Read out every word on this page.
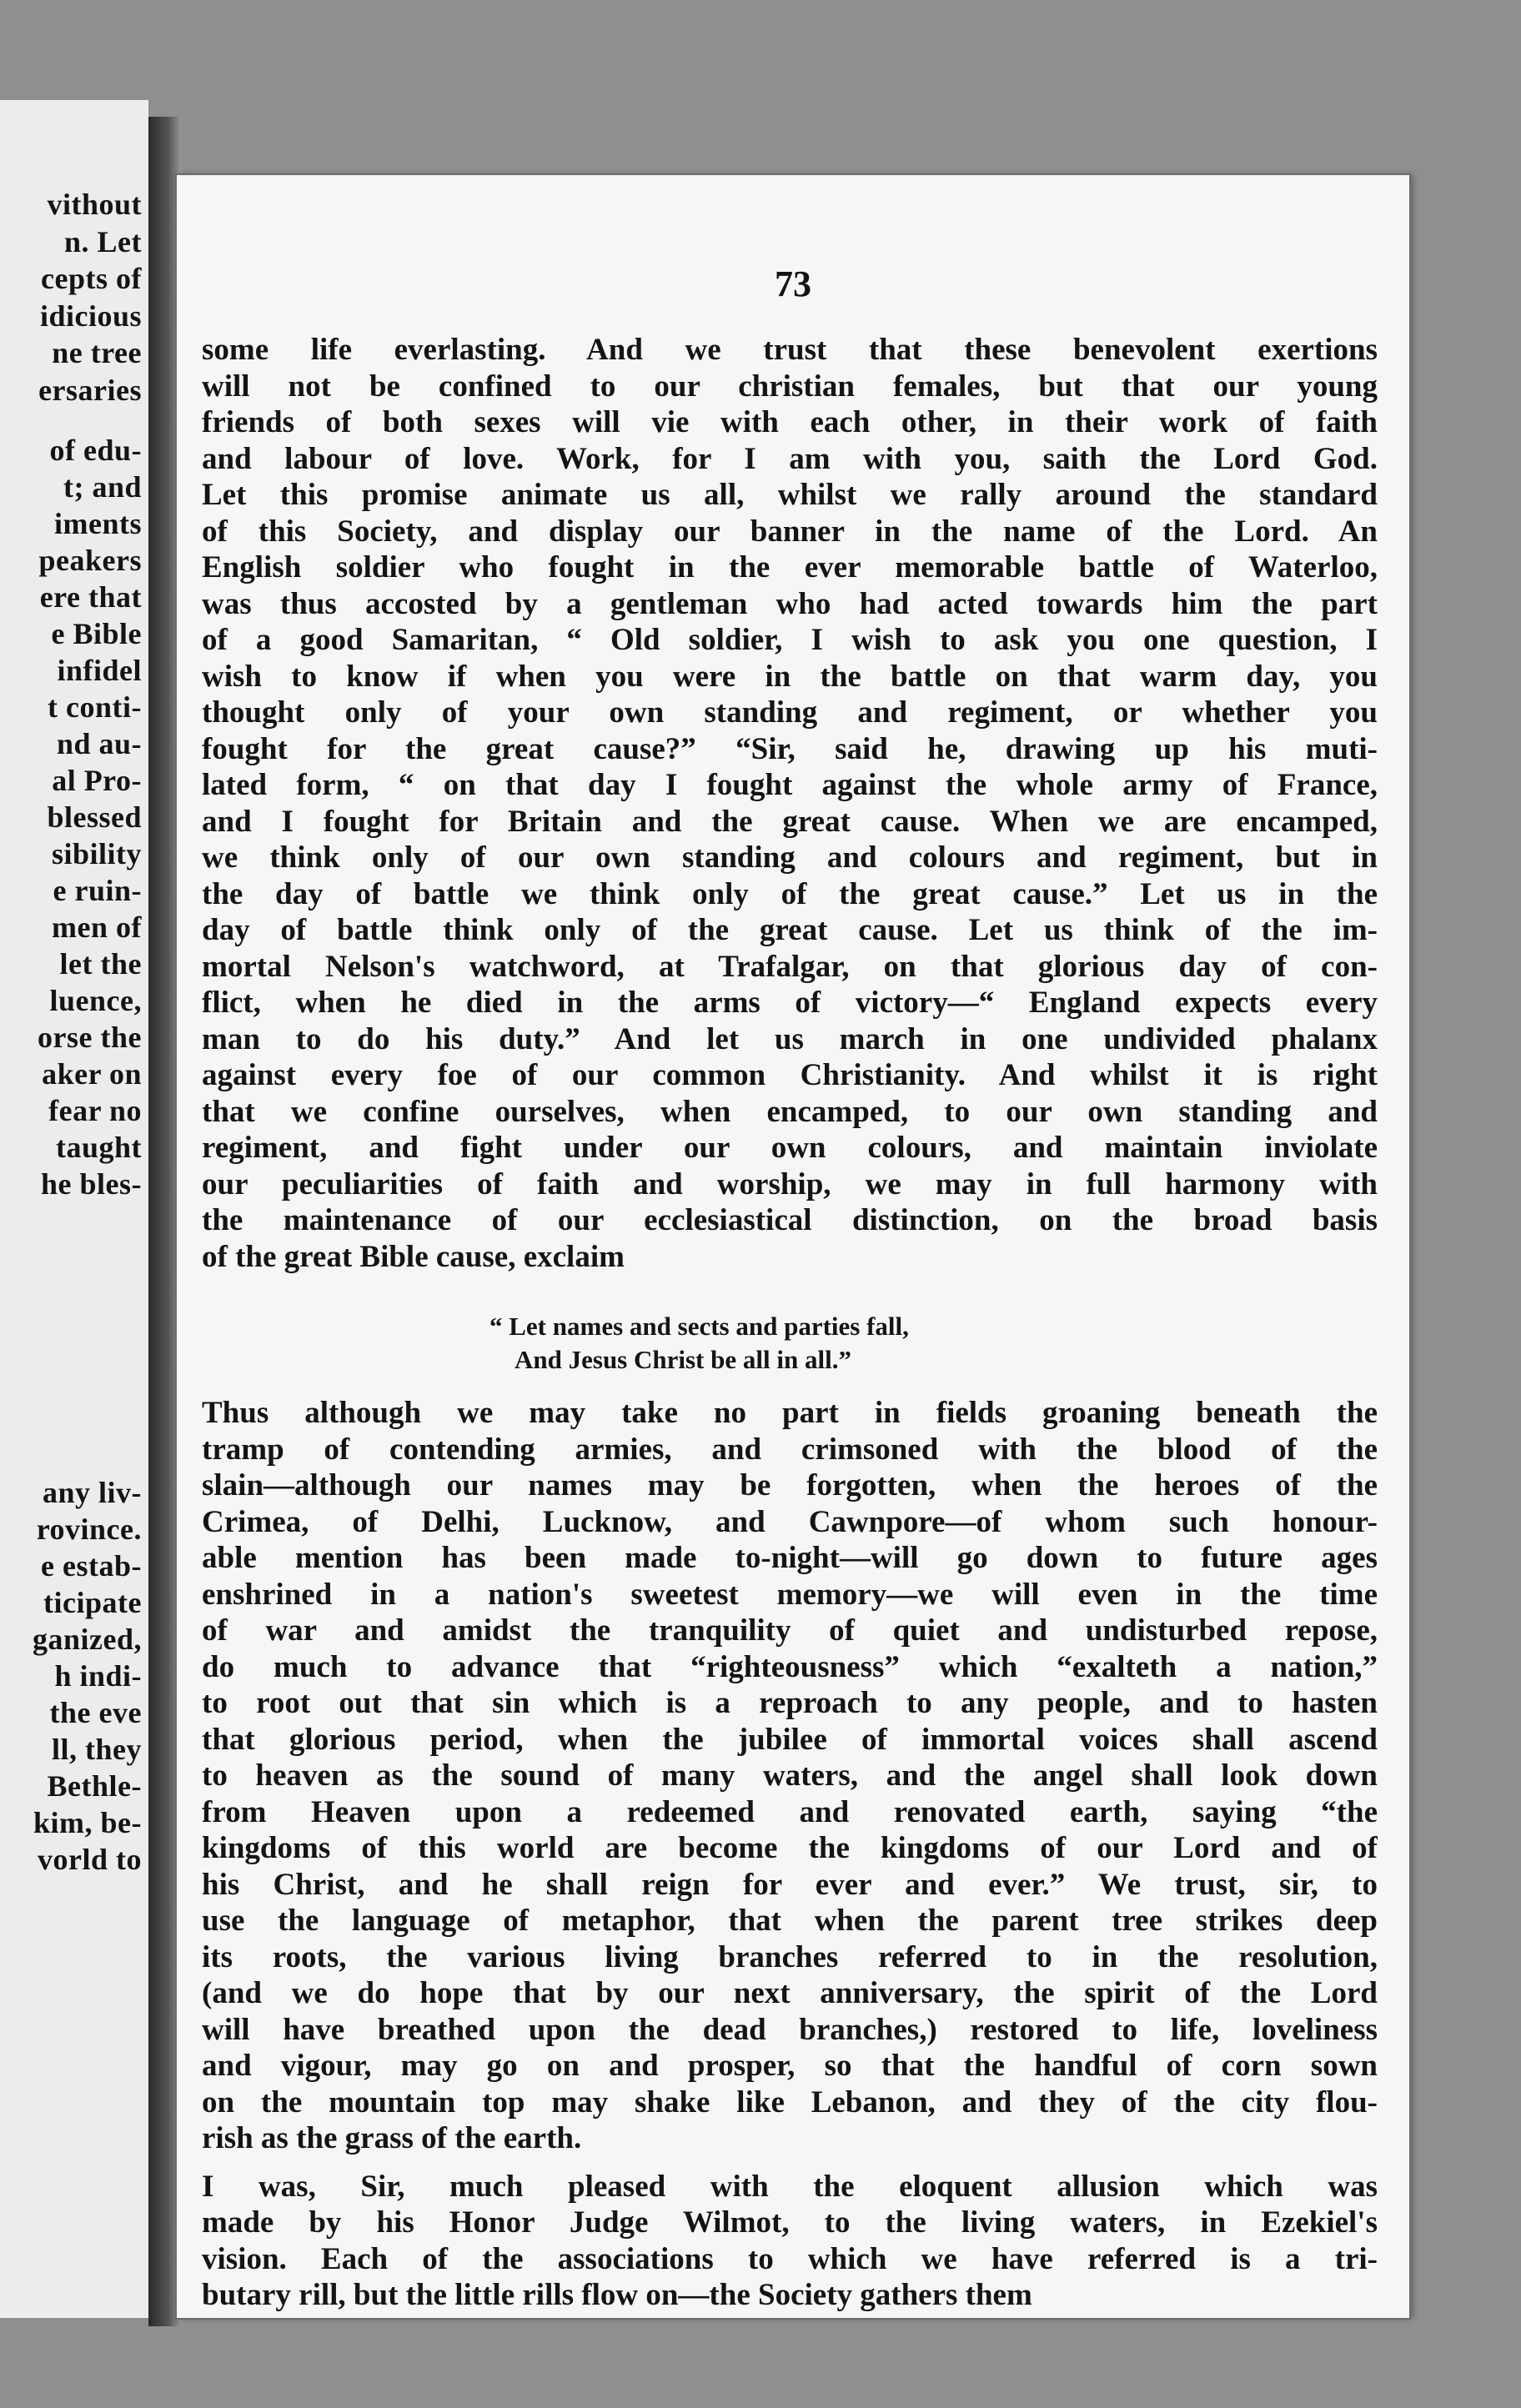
vithout
n. Let
cepts of
idicious
ne tree
ersaries
of edu-
t; and
iments
peakers
ere that
e Bible
infidel
t conti-
nd au-
al Pro-
blessed
sibility
e ruin-
men of
let the
luence,
orse the
aker on
fear no
taught
he bles-
any liv-
rovince.
e estab-
ticipate
ganized,
h indi-
the eve
ll, they
Bethle-
kim, be-
vorld to
73
some life everlasting. And we trust that these benevolent exertions
will not be confined to our christian females, but that our young
friends of both sexes will vie with each other, in their work of faith
and labour of love. Work, for I am with you, saith the Lord God.
Let this promise animate us all, whilst we rally around the standard
of this Society, and display our banner in the name of the Lord. An
English soldier who fought in the ever memorable battle of Waterloo,
was thus accosted by a gentleman who had acted towards him the part
of a good Samaritan, “ Old soldier, I wish to ask you one question, I
wish to know if when you were in the battle on that warm day, you
thought only of your own standing and regiment, or whether you
fought for the great cause?” “Sir, said he, drawing up his muti-
lated form, “ on that day I fought against the whole army of France,
and I fought for Britain and the great cause. When we are encamped,
we think only of our own standing and colours and regiment, but in
the day of battle we think only of the great cause.” Let us in the
day of battle think only of the great cause. Let us think of the im-
mortal Nelson's watchword, at Trafalgar, on that glorious day of con-
flict, when he died in the arms of victory—“ England expects every
man to do his duty.” And let us march in one undivided phalanx
against every foe of our common Christianity. And whilst it is right
that we confine ourselves, when encamped, to our own standing and
regiment, and fight under our own colours, and maintain inviolate
our peculiarities of faith and worship, we may in full harmony with
the maintenance of our ecclesiastical distinction, on the broad basis
of the great Bible cause, exclaim
“ Let names and sects and parties fall,
And Jesus Christ be all in all.”
Thus although we may take no part in fields groaning beneath the
tramp of contending armies, and crimsoned with the blood of the
slain—although our names may be forgotten, when the heroes of the
Crimea, of Delhi, Lucknow, and Cawnpore—of whom such honour-
able mention has been made to-night—will go down to future ages
enshrined in a nation's sweetest memory—we will even in the time
of war and amidst the tranquility of quiet and undisturbed repose,
do much to advance that “righteousness” which “exalteth a nation,”
to root out that sin which is a reproach to any people, and to hasten
that glorious period, when the jubilee of immortal voices shall ascend
to heaven as the sound of many waters, and the angel shall look down
from Heaven upon a redeemed and renovated earth, saying “the
kingdoms of this world are become the kingdoms of our Lord and of
his Christ, and he shall reign for ever and ever.” We trust, sir, to
use the language of metaphor, that when the parent tree strikes deep
its roots, the various living branches referred to in the resolution,
(and we do hope that by our next anniversary, the spirit of the Lord
will have breathed upon the dead branches,) restored to life, loveliness
and vigour, may go on and prosper, so that the handful of corn sown
on the mountain top may shake like Lebanon, and they of the city flou-
rish as the grass of the earth.
I was, Sir, much pleased with the eloquent allusion which was
made by his Honor Judge Wilmot, to the living waters, in Ezekiel's
vision. Each of the associations to which we have referred is a tri-
butary rill, but the little rills flow on—the Society gathers them
